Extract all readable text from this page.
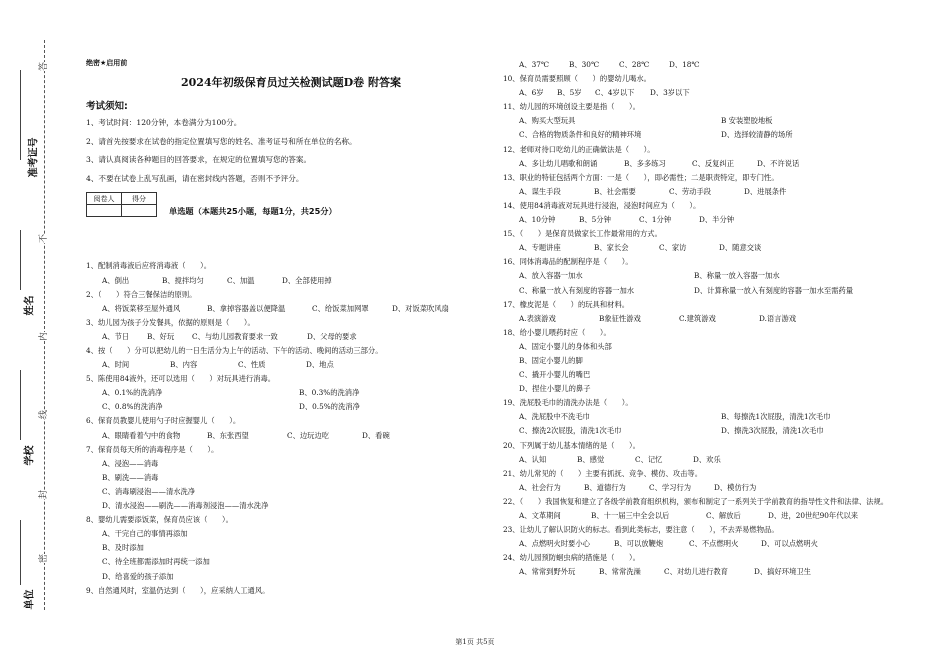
准考证号
姓名
学校
单位
答
不
内
线
封
密
绝密★启用前
2024年初级保育员过关检测试题D卷 附答案
考试须知:
1、考试时间：120分钟，本卷满分为100分。
2、请首先按要求在试卷的指定位置填写您的姓名、准考证号和所在单位的名称。
3、请认真阅读各种题目的回答要求，在规定的位置填写您的答案。
4、不要在试卷上乱写乱画，请在密封线内答题，否则不予评分。
阅卷人	得分

单选题（本题共25小题，每题1分，共25分）
1、配制消毒液后应将消毒液（　　）。
A、倒出	B、搅拌均匀	C、加温	D、全部使用掉
2、（　　）符合三餐保洁的原则。
A、将饭菜移至屋外通风	B、拿掉容器盖以便降温	C、给饭菜加网罩	D、对饭菜吹风扇
3、幼儿园为孩子分发餐具，依据的原则是（　　）。
A、节日	B、好玩	C、与幼儿园教育要求一致	D、父母的要求
4、按（　　）分可以把幼儿的一日生活分为上午的活动、下午的活动、晚间的活动三部分。
A、时间	B、内容	C、性质	D、地点
5、陈使用84液外，还可以选用（　　）对玩具进行消毒。
A、0.1%的洗消净	B、0.3%的洗消净
C、0.8%的洗消净	D、0.5%的洗消净
6、保育员教婴儿使用勺子时应握婴儿（　　）。
A、眼睛看着勺中的食物	B、东张西望	C、边玩边吃	D、看碗
7、保育员每天所的消毒程序是（　　）。
A、浸泡——消毒
B、刷洗——消毒
C、消毒刷浸泡——清水洗净
D、清水浸泡——刷洗——消毒剂浸泡——清水洗净
8、婴幼儿需要添饭菜，保育员应该（　　）。
A、干完自己的事情再添加
B、及时添加
C、待全班都需添加时再统一添加
D、给喜爱的孩子添加
9、自然通风时，室温仍达到（　　），应采纳人工通风。
A、37℃	B、30℃	C、28℃	D、18℃
10、保育员需要照顾（　　）的婴幼儿喝水。
A、6岁	B、5岁	C、4岁以下	D、3岁以下
11、幼儿园的环境创设主要是指（　　）。
A、购买大型玩具	B 安装塑胶地板
C、合格的物质条件和良好的精神环境	D、选择较清静的场所
12、老师对待口吃幼儿的正确做法是（　　）。
A、多让幼儿唱歌和朗诵	B、多多练习	C、反复纠正	D、不许说话
13、职业的特征包括两个方面：一是（　　），即必需性；二是职责特定，即专门性。
A、谋生手段	B、社会需要	C、劳动手段	D、进展条件
14、使用84消毒液对玩具进行浸泡，浸泡时间应为（　　）。
A、10分钟	B、5分钟	C、1分钟	D、半分钟
15、（　　）是保育员做家长工作最常用的方式。
A、专题讲座	B、家长会	C、家访	D、随意交谈
16、同体消毒品的配制程序是（　　）。
A、放入容器一加水	B、称量一放入容器一加水
C、称量一放入有刻度的容器一加水	D、计算称量一放入有刻度的容器一加水至需药量
17、橡皮泥是（　　）的玩具和材料。
A.表演游戏	B象征性游戏	C.建筑游戏	D.语言游戏
18、给小婴儿喂药时应（　　）。
A、固定小婴儿的身体和头部
B、固定小婴儿的脚
C、撬开小婴儿的嘴巴
D、捏住小婴儿的鼻子
19、洗屁股毛巾的清洗办法是（　　）。
A、洗屁股中不洗毛巾	B、每擦洗1次屁股，清洗1次毛巾
C、擦洗2次屁股，清洗1次毛巾	D、擦洗3次屁股，清洗1次毛巾
20、下列属于幼儿基本情绪的是（　　）。
A、认知	B、感觉	C、记忆	D、欢乐
21、幼儿常见的（　　）主要有抓抚、竞争、模仿、攻击等。
A、社会行为	B、道德行为	C、学习行为	D、模仿行为
22、（　　）我国恢复和建立了各级学前教育组织机构，颁布和制定了一系列关于学前教育的指导性文件和法律、法规。
A、文革期间	B、十一届三中全会以后	C、解放后	D、进，20世纪90年代以来
23、让幼儿了解认识防火的标志。看到此类标志，要注意（　　），不去弄易燃物品。
A、点燃明火时要小心	B、可以放鞭炮	C、不点燃明火	D、可以点燃明火
24、幼儿园预防蛔虫病的措施是（　　）。
A、常常到野外玩	B、常常洗澡	C、对幼儿进行教育	D、搞好环境卫生
第1页 共5页
